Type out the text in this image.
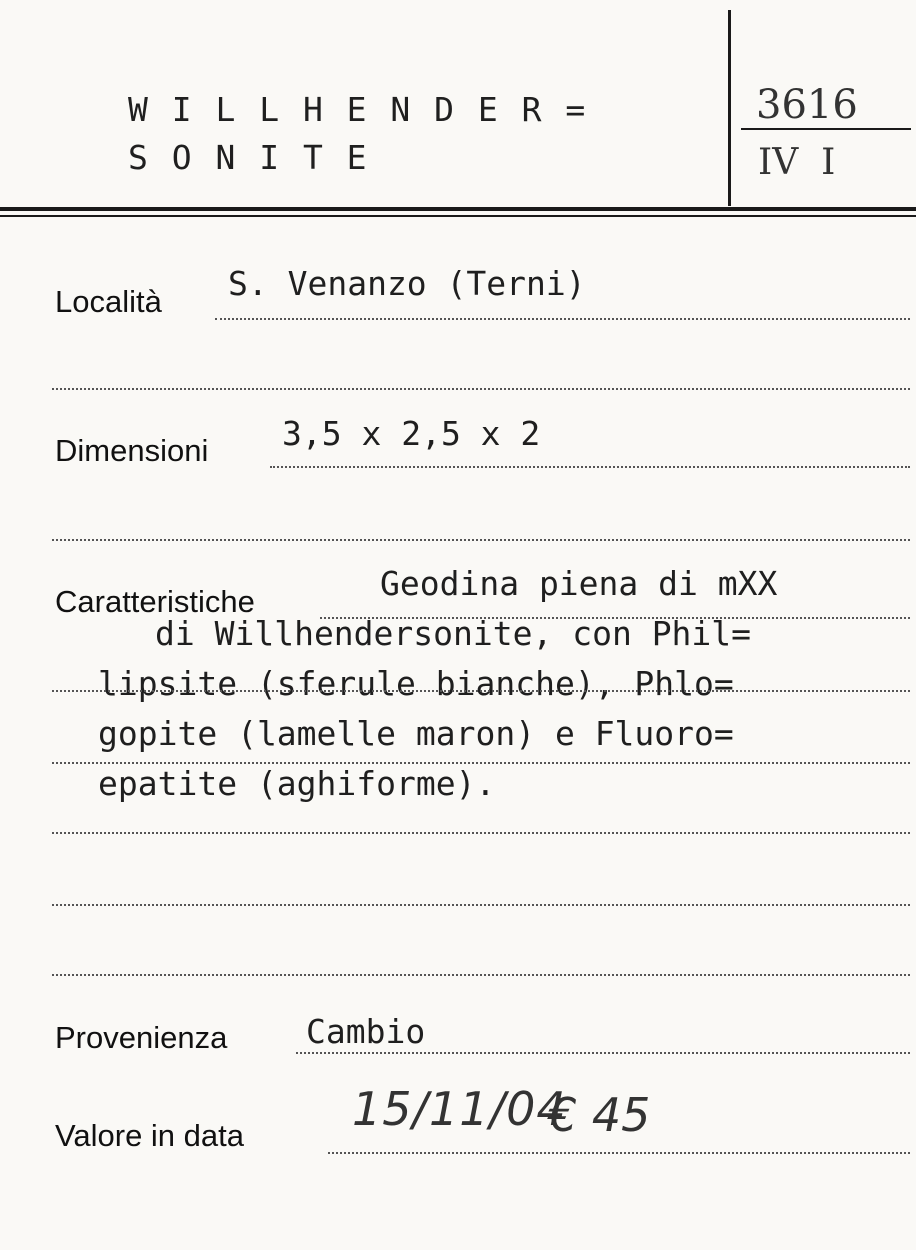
W I L L H E N D E R =
S O N I T E
3616
IV  I
Località S. Venanzo (Terni)
Dimensioni 3,5 x 2,5 x 2
Caratteristiche	Geodina piena di mXX
di Willhendersonite, con Phil=
lipsite (sferule bianche), Phlo=
gopite (lamelle maron) e Fluoro=
epatite (aghiforme).
Provenienza Cambio
Valore in data 15/11/04
€ 45
